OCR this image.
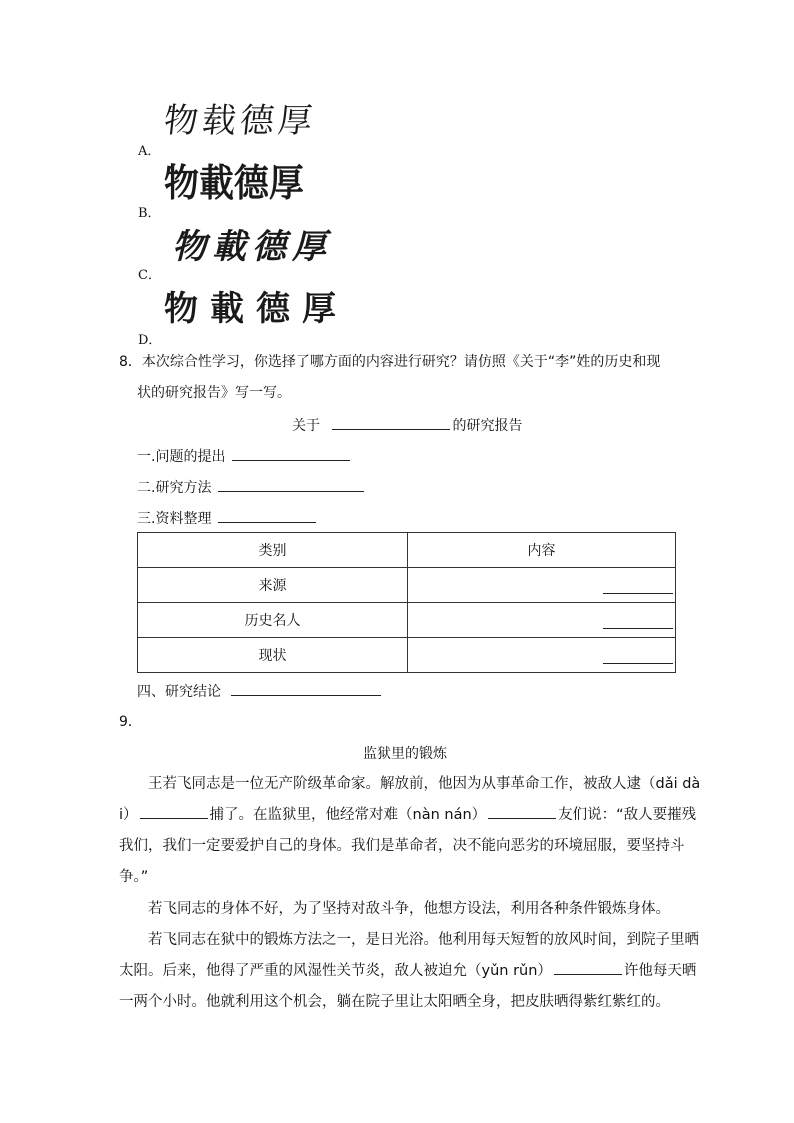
物载德厚
A．
物載德厚
B．
物載德厚
C．
物載德厚
D．
8．本次综合性学习，你选择了哪方面的内容进行研究？请仿照《关于“李”姓的历史和现
状的研究报告》写一写。
关于	的研究报告
一.问题的提出
二.研究方法
三.资料整理
类别	内容
来源	

历史名人	

现状	
四、研究结论
9．
监狱里的锻炼
王若飞同志是一位无产阶级革命家。解放前，他因为从事革命工作，被敌人逮（dǎi dà
i）	捕了。在监狱里，他经常对难（nàn nán）	友们说：“敌人要摧残
我们，我们一定要爱护自己的身体。我们是革命者，决不能向恶劣的环境屈服，要坚持斗
争。”
若飞同志的身体不好，为了坚持对敌斗争，他想方设法，利用各种条件锻炼身体。
若飞同志在狱中的锻炼方法之一，是日光浴。他利用每天短暂的放风时间，到院子里晒
太阳。后来，他得了严重的风湿性关节炎，敌人被迫允（yǔn rǔn）	许他每天晒
一两个小时。他就利用这个机会，躺在院子里让太阳晒全身，把皮肤晒得紫红紫红的。
